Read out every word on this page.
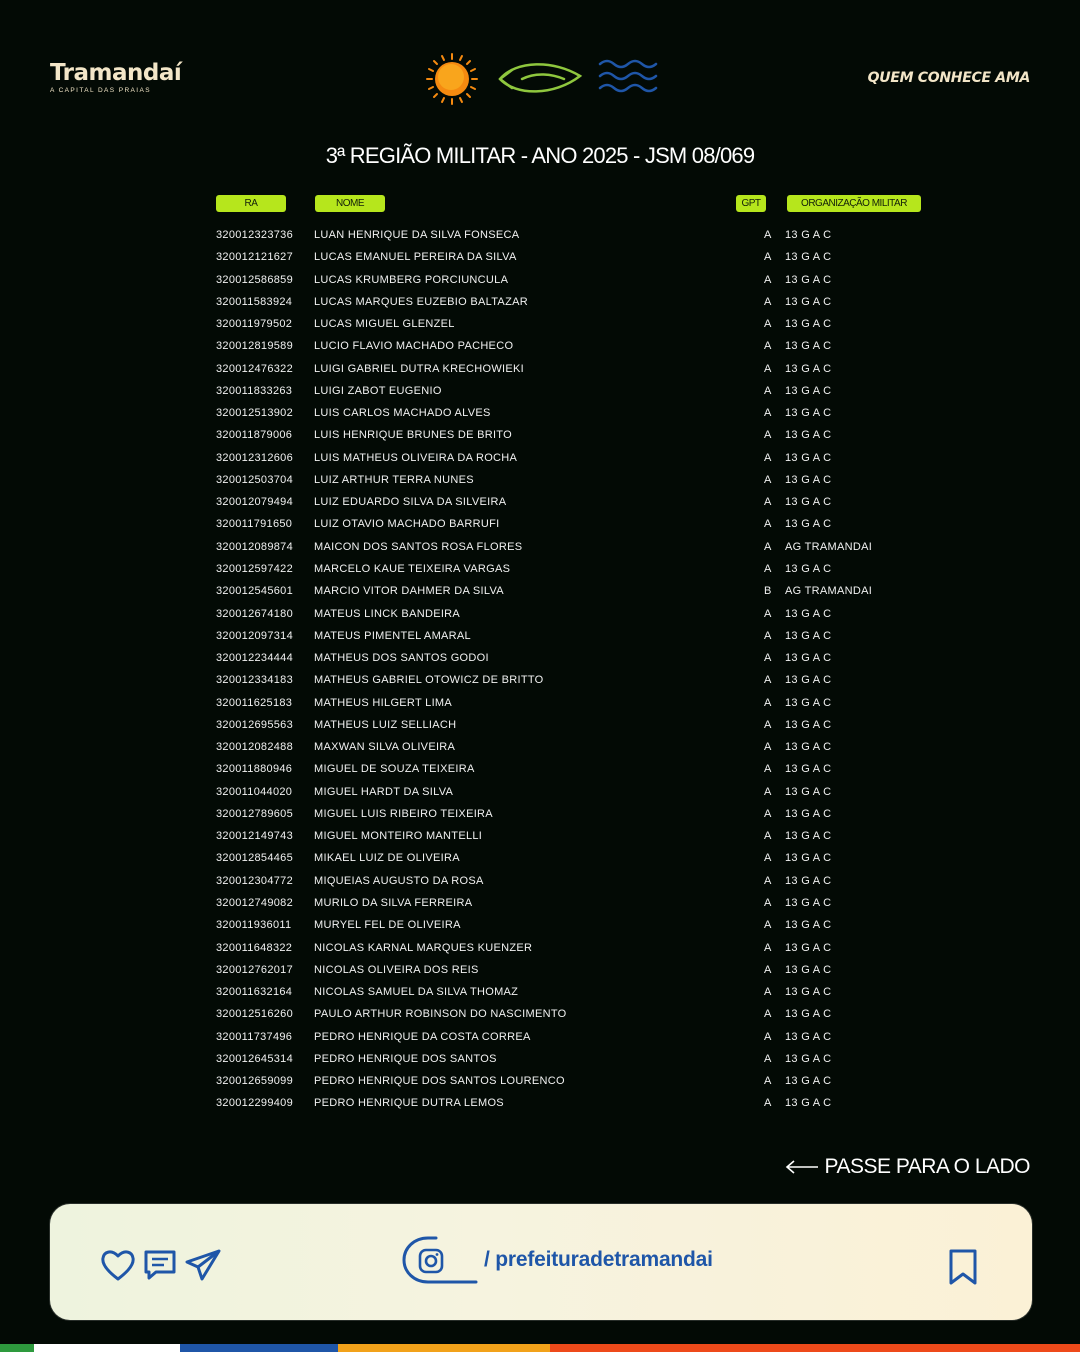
Tramandaí
A CAPITAL DAS PRAIAS
QUEM CONHECE AMA
3ª REGIÃO MILITAR - ANO 2025 - JSM 08/069
RA	NOME	GPT	ORGANIZAÇÃO MILITAR
320012323736 LUAN HENRIQUE DA SILVA FONSECA	A 13 G A C
320012121627 LUCAS EMANUEL PEREIRA DA SILVA	A 13 G A C
320012586859 LUCAS KRUMBERG PORCIUNCULA	A 13 G A C
320011583924 LUCAS MARQUES EUZEBIO BALTAZAR	A 13 G A C
320011979502 LUCAS MIGUEL GLENZEL	A 13 G A C
320012819589 LUCIO FLAVIO MACHADO PACHECO	A 13 G A C
320012476322 LUIGI GABRIEL DUTRA KRECHOWIEKI	A 13 G A C
320011833263 LUIGI ZABOT EUGENIO	A 13 G A C
320012513902 LUIS CARLOS MACHADO ALVES	A 13 G A C
320011879006 LUIS HENRIQUE BRUNES DE BRITO	A 13 G A C
320012312606 LUIS MATHEUS OLIVEIRA DA ROCHA	A 13 G A C
320012503704 LUIZ ARTHUR TERRA NUNES	A 13 G A C
320012079494 LUIZ EDUARDO SILVA DA SILVEIRA	A 13 G A C
320011791650 LUIZ OTAVIO MACHADO BARRUFI	A 13 G A C
320012089874 MAICON DOS SANTOS ROSA FLORES	A AG TRAMANDAI
320012597422 MARCELO KAUE TEIXEIRA VARGAS	A 13 G A C
320012545601 MARCIO VITOR DAHMER DA SILVA	B AG TRAMANDAI
320012674180 MATEUS LINCK BANDEIRA	A 13 G A C
320012097314 MATEUS PIMENTEL AMARAL	A 13 G A C
320012234444 MATHEUS DOS SANTOS GODOI	A 13 G A C
320012334183 MATHEUS GABRIEL OTOWICZ DE BRITTO	A 13 G A C
320011625183 MATHEUS HILGERT LIMA	A 13 G A C
320012695563 MATHEUS LUIZ SELLIACH	A 13 G A C
320012082488 MAXWAN SILVA OLIVEIRA	A 13 G A C
320011880946 MIGUEL DE SOUZA TEIXEIRA	A 13 G A C
320011044020 MIGUEL HARDT DA SILVA	A 13 G A C
320012789605 MIGUEL LUIS RIBEIRO TEIXEIRA	A 13 G A C
320012149743 MIGUEL MONTEIRO MANTELLI	A 13 G A C
320012854465 MIKAEL LUIZ DE OLIVEIRA	A 13 G A C
320012304772 MIQUEIAS AUGUSTO DA ROSA	A 13 G A C
320012749082 MURILO DA SILVA FERREIRA	A 13 G A C
320011936011 MURYEL FEL DE OLIVEIRA	A 13 G A C
320011648322 NICOLAS KARNAL MARQUES KUENZER	A 13 G A C
320012762017 NICOLAS OLIVEIRA DOS REIS	A 13 G A C
320011632164 NICOLAS SAMUEL DA SILVA THOMAZ	A 13 G A C
320012516260 PAULO ARTHUR ROBINSON DO NASCIMENTO	A 13 G A C
320011737496 PEDRO HENRIQUE DA COSTA CORREA	A 13 G A C
320012645314 PEDRO HENRIQUE DOS SANTOS	A 13 G A C
320012659099 PEDRO HENRIQUE DOS SANTOS LOURENCO	A 13 G A C
320012299409 PEDRO HENRIQUE DUTRA LEMOS	A 13 G A C
PASSE PARA O LADO
/ prefeituradetramandai
